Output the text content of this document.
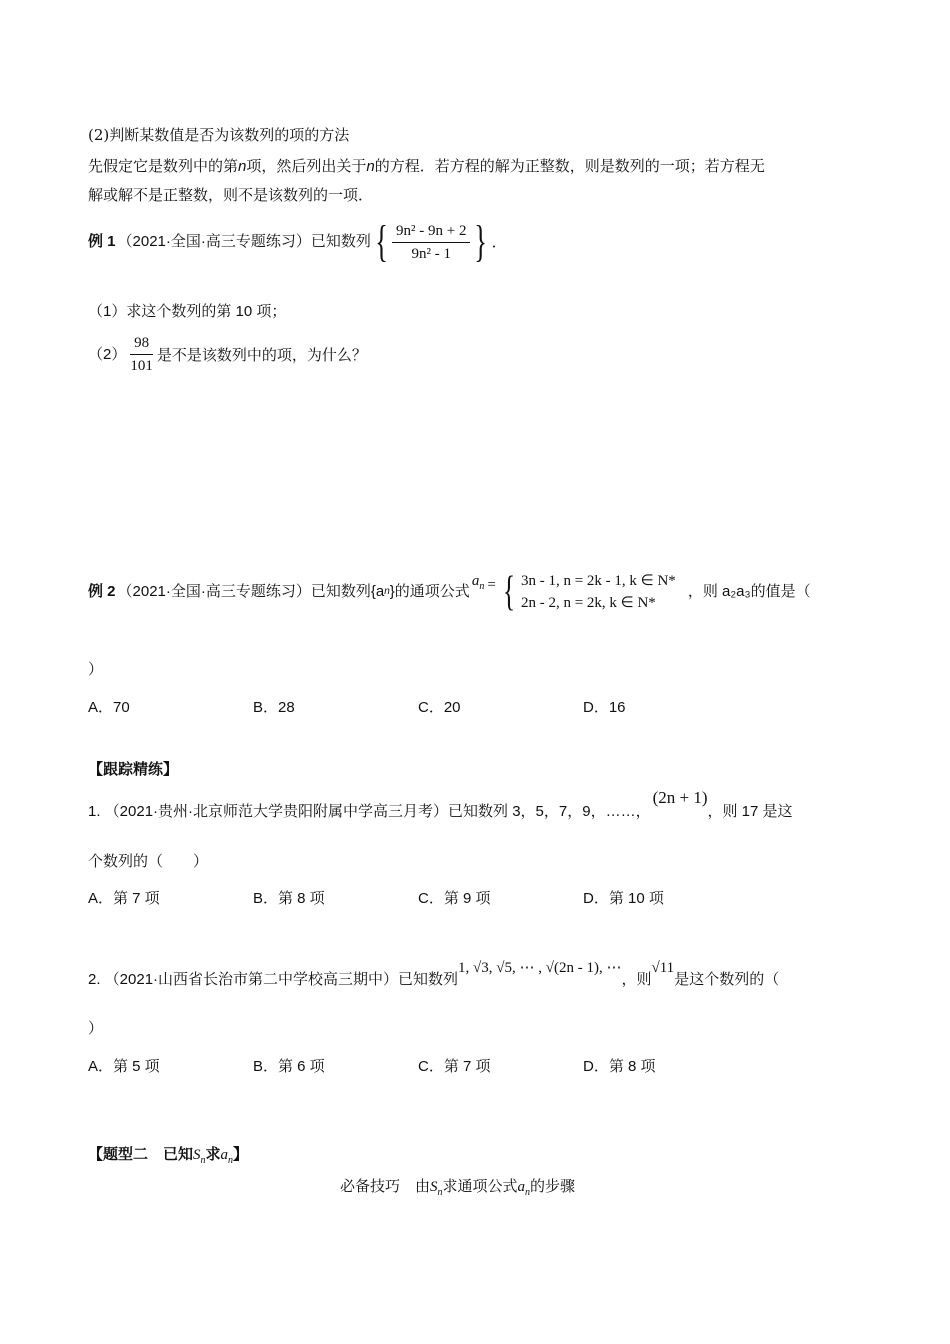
(2)判断某数值是否为该数列的项的方法
先假定它是数列中的第n项，然后列出关于n的方程．若方程的解为正整数，则是数列的一项；若方程无
解或解不是正整数，则不是该数列的一项．
例 1 （2021·全国·高三专题练习）已知数列 { $\frac{\text{9n² - 9n + 2}}{\text{9n² - 1}}$ } ．
（1）求这个数列的第 10 项；
$(2) \frac{98}{101}$ 是不是该数列中的项，为什么？
例 2 （2021·全国·高三专题练习）已知数列{a n }的通项公式
$a_n$ = { 3n - 1, n = 2k - 1, k ∈ N*
2n - 2, n = 2k, k ∈ N*
，则 a₂a₃的值是（
）
A．70	B．28	C．20	D．16
【跟踪精练】
1. （2021·贵州·北京师范大学贵阳附属中学高三月考）已知数列 3，5，7，9，……，
(2n + 1)
，则 17 是这
个数列的（　　）
A．第 7 项	B．第 8 项	C．第 9 项	D．第 10 项
2. （2021·山西省长治市第二中学校高三期中）已知数列
1, √3, √5, ⋯ , √(2n - 1), ⋯
，则
√11
是这个数列的（
）
A．第 5 项	B．第 6 项	C．第 7 项	D．第 8 项
【题型二　已知$S_n$求$a_n$】
必备技巧　由$S_n$求通项公式$a_n$的步骤
